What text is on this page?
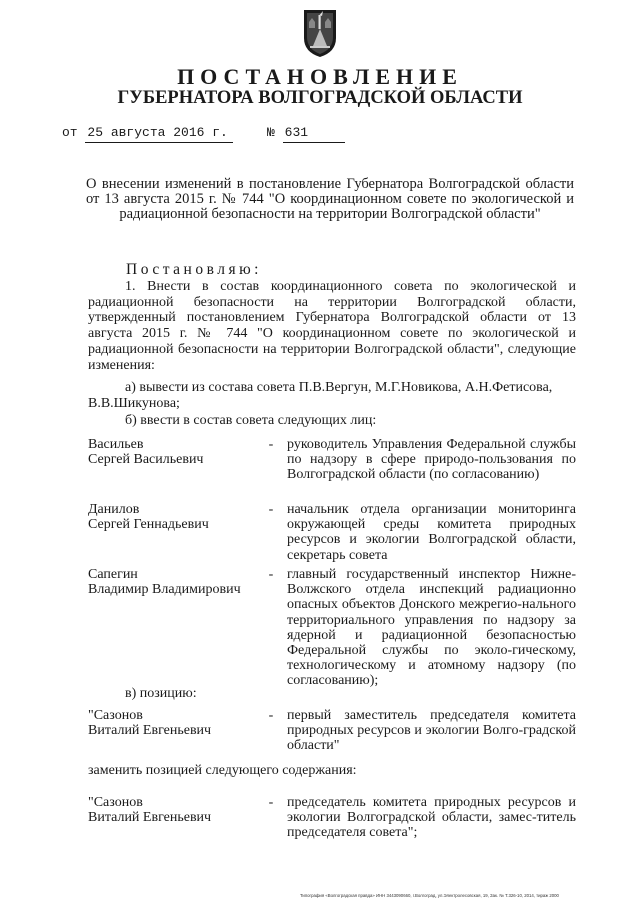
ПОСТАНОВЛЕНИЕ
ГУБЕРНАТОРА ВОЛГОГРАДСКОЙ ОБЛАСТИ
от 25 августа 2016 г.	№ 631
О внесении изменений в постановление Губернатора Волгоградской области от 13 августа 2015 г. № 744 "О координационном совете по экологической и радиационной безопасности на территории Волгоградской области"
Постановляю:
1. Внести в состав координационного совета по экологической и радиационной безопасности на территории Волгоградской области, утвержденный постановлением Губернатора Волгоградской области от 13 августа 2015 г. № 744 "О координационном совете по экологической и радиационной безопасности на территории Волгоградской области", следующие изменения:
а) вывести из состава совета П.В.Вергун, М.Г.Новикова, А.Н.Фетисова, В.В.Шикунова;
б) ввести в состав совета следующих лиц:
Васильев
Сергей Васильевич
- руководитель Управления Федеральной службы по надзору в сфере природо-пользования по Волгоградской области (по согласованию)
Данилов
Сергей Геннадьевич
- начальник отдела организации мониторинга окружающей среды комитета природных ресурсов и экологии Волгоградской области, секретарь совета
Сапегин
Владимир Владимирович
- главный государственный инспектор Нижне-Волжского отдела инспекций радиационно опасных объектов Донского межрегио-нального территориального управления по надзору за ядерной и радиационной безопасностью Федеральной службы по эколо-гическому, технологическому и атомному надзору (по согласованию);
в) позицию:
"Сазонов
Виталий Евгеньевич
- первый заместитель председателя комитета природных ресурсов и экологии Волго-градской области"
заменить позицией следующего содержания:
"Сазонов
Виталий Евгеньевич
- председатель комитета природных ресурсов и экологии Волгоградской области, замес-титель председателя совета";
Типография «Волгоградская правда» ИНН 3443090660, г.Волгоград, ул.Электролесовская, 19, Зак. № Т.326-10, 2014, тираж 2000
